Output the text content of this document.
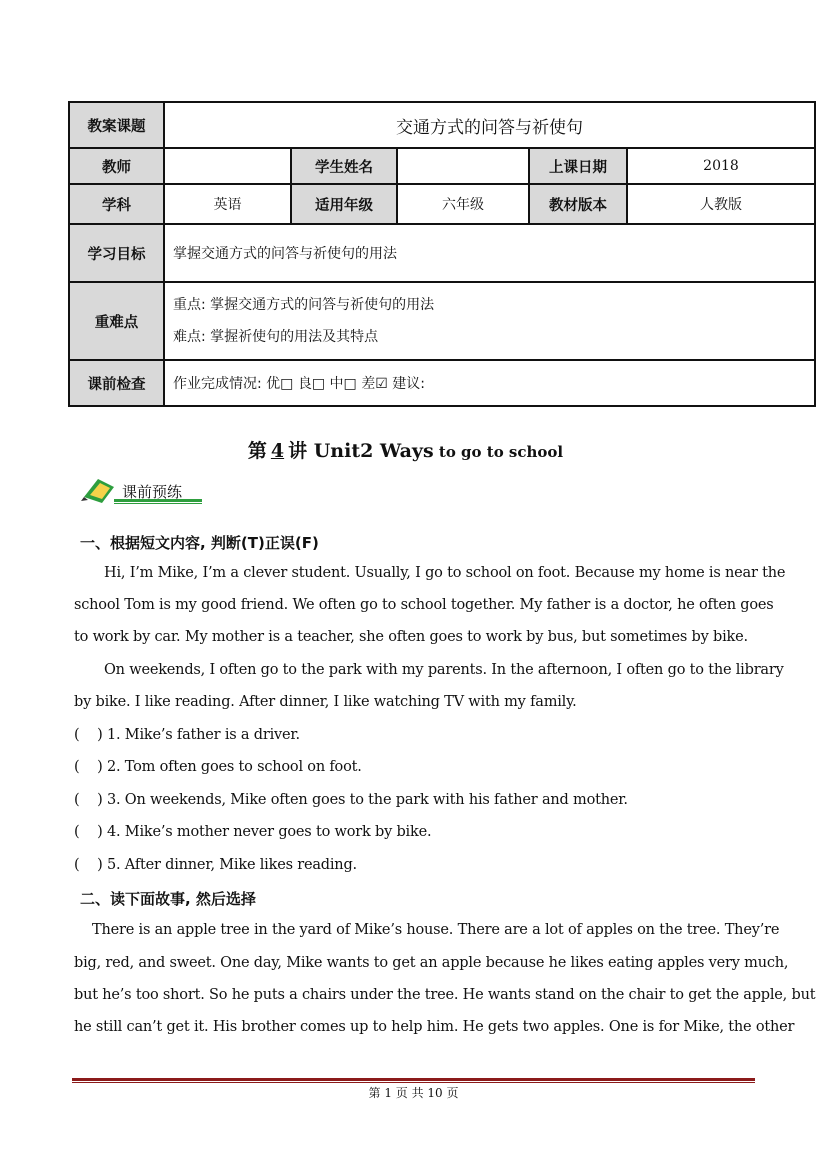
教案课题	交通方式的问答与祈使句				
教师		学生姓名		上课日期	2018
学科	英语	适用年级	六年级	教材版本	人教版
学习目标	掌握交通方式的问答与祈使句的用法				
重难点	重点: 掌握交通方式的问答与祈使句的用法
难点: 掌握祈使句的用法及其特点				

课前检查	作业完成情况: 优□ 良□ 中□ 差☑ 建议:				
第 4 讲 Unit2 Ways to go to school
课前预练
一、根据短文内容, 判断(T)正误(F)
Hi, I’m Mike, I’m a clever student. Usually, I go to school on foot. Because my home is near the
school Tom is my good friend. We often go to school together. My father is a doctor, he often goes
to work by car. My mother is a teacher, she often goes to work by bus, but sometimes by bike.
On weekends, I often go to the park with my parents. In the afternoon, I often go to the library
by bike. I like reading. After dinner, I like watching TV with my family.
(    ) 1. Mike’s father is a driver.
(    ) 2. Tom often goes to school on foot.
(    ) 3. On weekends, Mike often goes to the park with his father and mother.
(    ) 4. Mike’s mother never goes to work by bike.
(    ) 5. After dinner, Mike likes reading.
二、读下面故事, 然后选择
There is an apple tree in the yard of Mike’s house. There are a lot of apples on the tree. They’re
big, red, and sweet. One day, Mike wants to get an apple because he likes eating apples very much,
but he’s too short. So he puts a chairs under the tree. He wants stand on the chair to get the apple, but
he still can’t get it. His brother comes up to help him. He gets two apples. One is for Mike, the other
第 1 页 共 10 页
